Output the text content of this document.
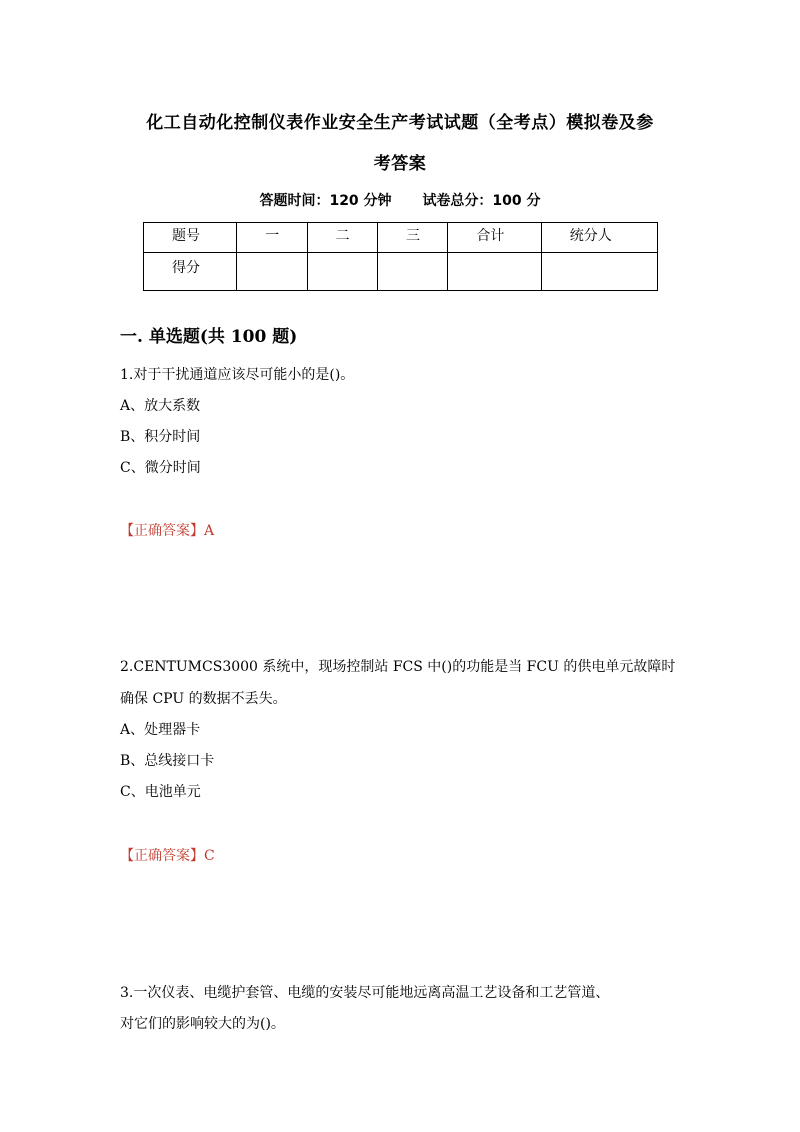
化工自动化控制仪表作业安全生产考试试题（全考点）模拟卷及参
考答案
答题时间：120 分钟 试卷总分：100 分
题号	一	二	三	合计	统分人
得分					
一. 单选题(共 100 题)
1.对于干扰通道应该尽可能小的是()。
A、放大系数
B、积分时间
C、微分时间
【正确答案】A
2.CENTUMCS3000 系统中，现场控制站 FCS 中()的功能是当 FCU 的供电单元故障时
确保 CPU 的数据不丢失。
A、处理器卡
B、总线接口卡
C、电池单元
【正确答案】C
3.一次仪表、电缆护套管、电缆的安装尽可能地远离高温工艺设备和工艺管道、
对它们的影响较大的为()。
